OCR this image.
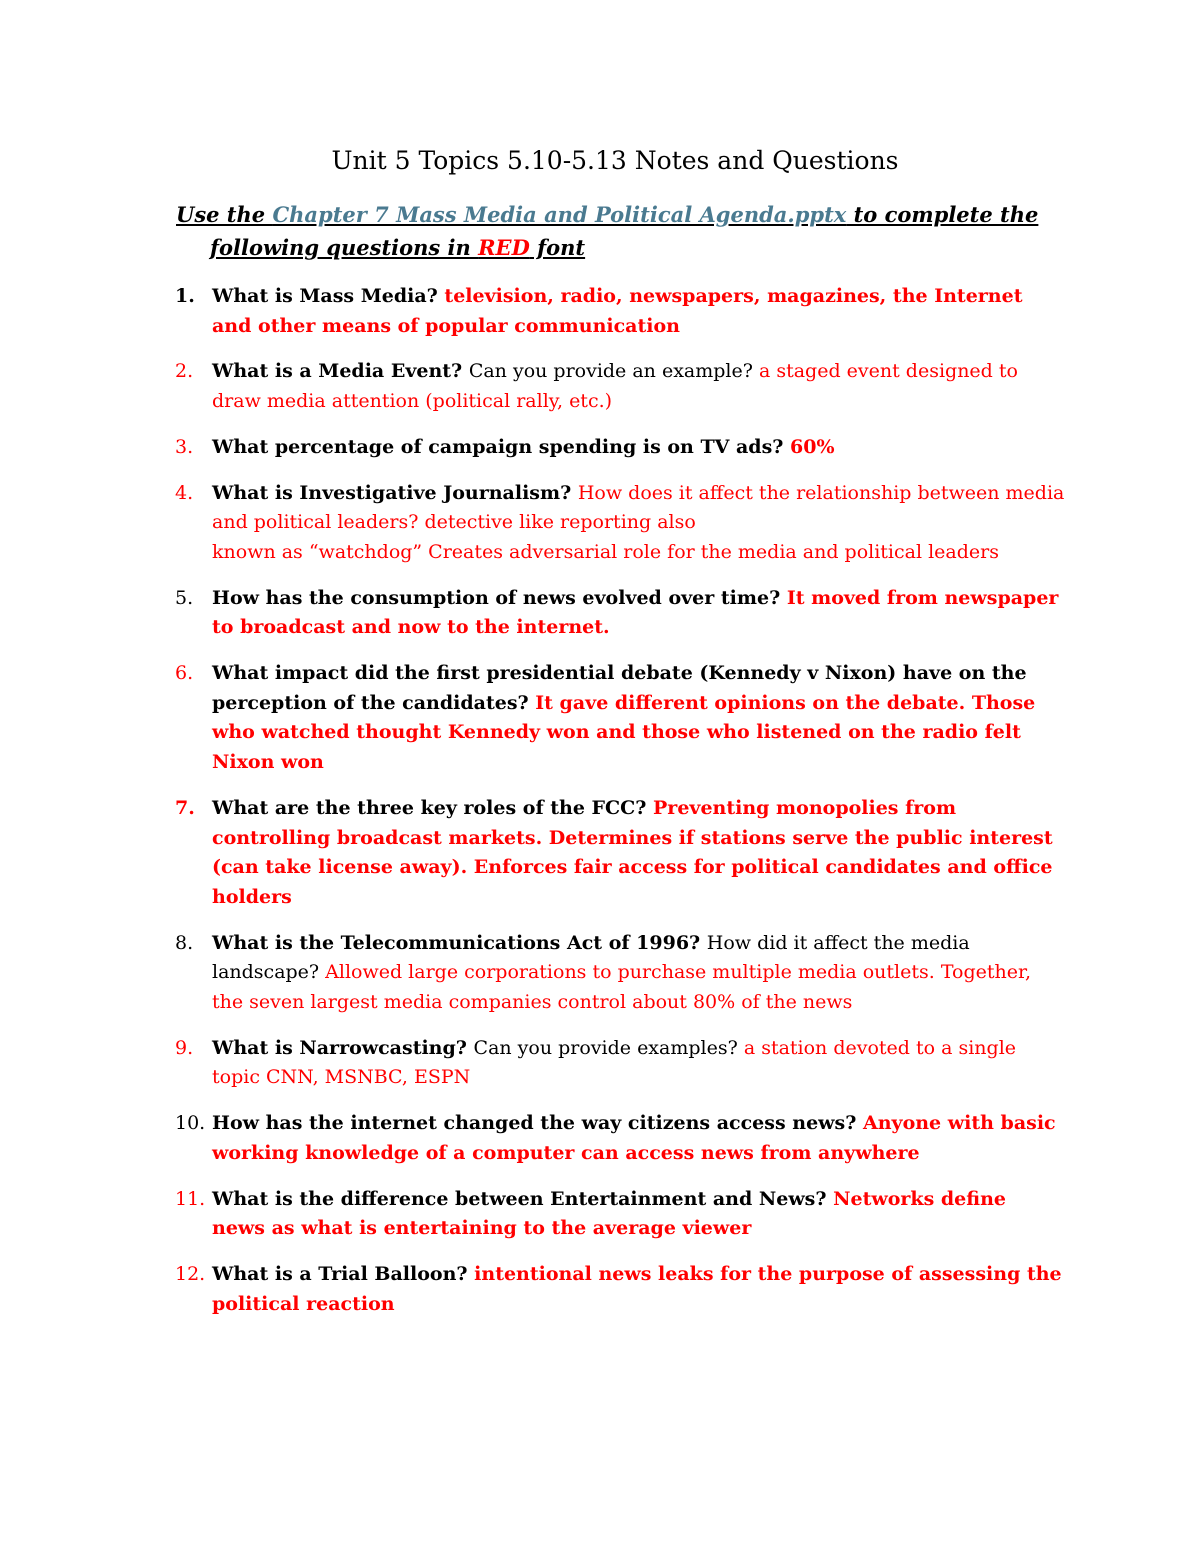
Unit 5 Topics 5.10-5.13 Notes and Questions
Use the Chapter 7 Mass Media and Political Agenda.pptx to complete the following questions in RED font
1. What is Mass Media? television, radio, newspapers, magazines, the Internet and other means of popular communication
2. What is a Media Event? Can you provide an example? a staged event designed to draw media attention (political rally, etc.)
3. What percentage of campaign spending is on TV ads? 60%
4. What is Investigative Journalism? How does it affect the relationship between media and political leaders? detective like reporting also
known as “watchdog” Creates adversarial role for the media and political leaders
5. How has the consumption of news evolved over time? It moved from newspaper to broadcast and now to the internet.
6. What impact did the first presidential debate (Kennedy v Nixon) have on the perception of the candidates? It gave different opinions on the debate. Those who watched thought Kennedy won and those who listened on the radio felt Nixon won
7. What are the three key roles of the FCC? Preventing monopolies from controlling broadcast markets. Determines if stations serve the public interest (can take license away). Enforces fair access for political candidates and office holders
8. What is the Telecommunications Act of 1996? How did it affect the media landscape? Allowed large corporations to purchase multiple media outlets. Together, the seven largest media companies control about 80% of the news
9. What is Narrowcasting? Can you provide examples? a station devoted to a single topic CNN, MSNBC, ESPN
10. How has the internet changed the way citizens access news? Anyone with basic working knowledge of a computer can access news from anywhere
11. What is the difference between Entertainment and News? Networks define news as what is entertaining to the average viewer
12. What is a Trial Balloon? intentional news leaks for the purpose of assessing the political reaction
